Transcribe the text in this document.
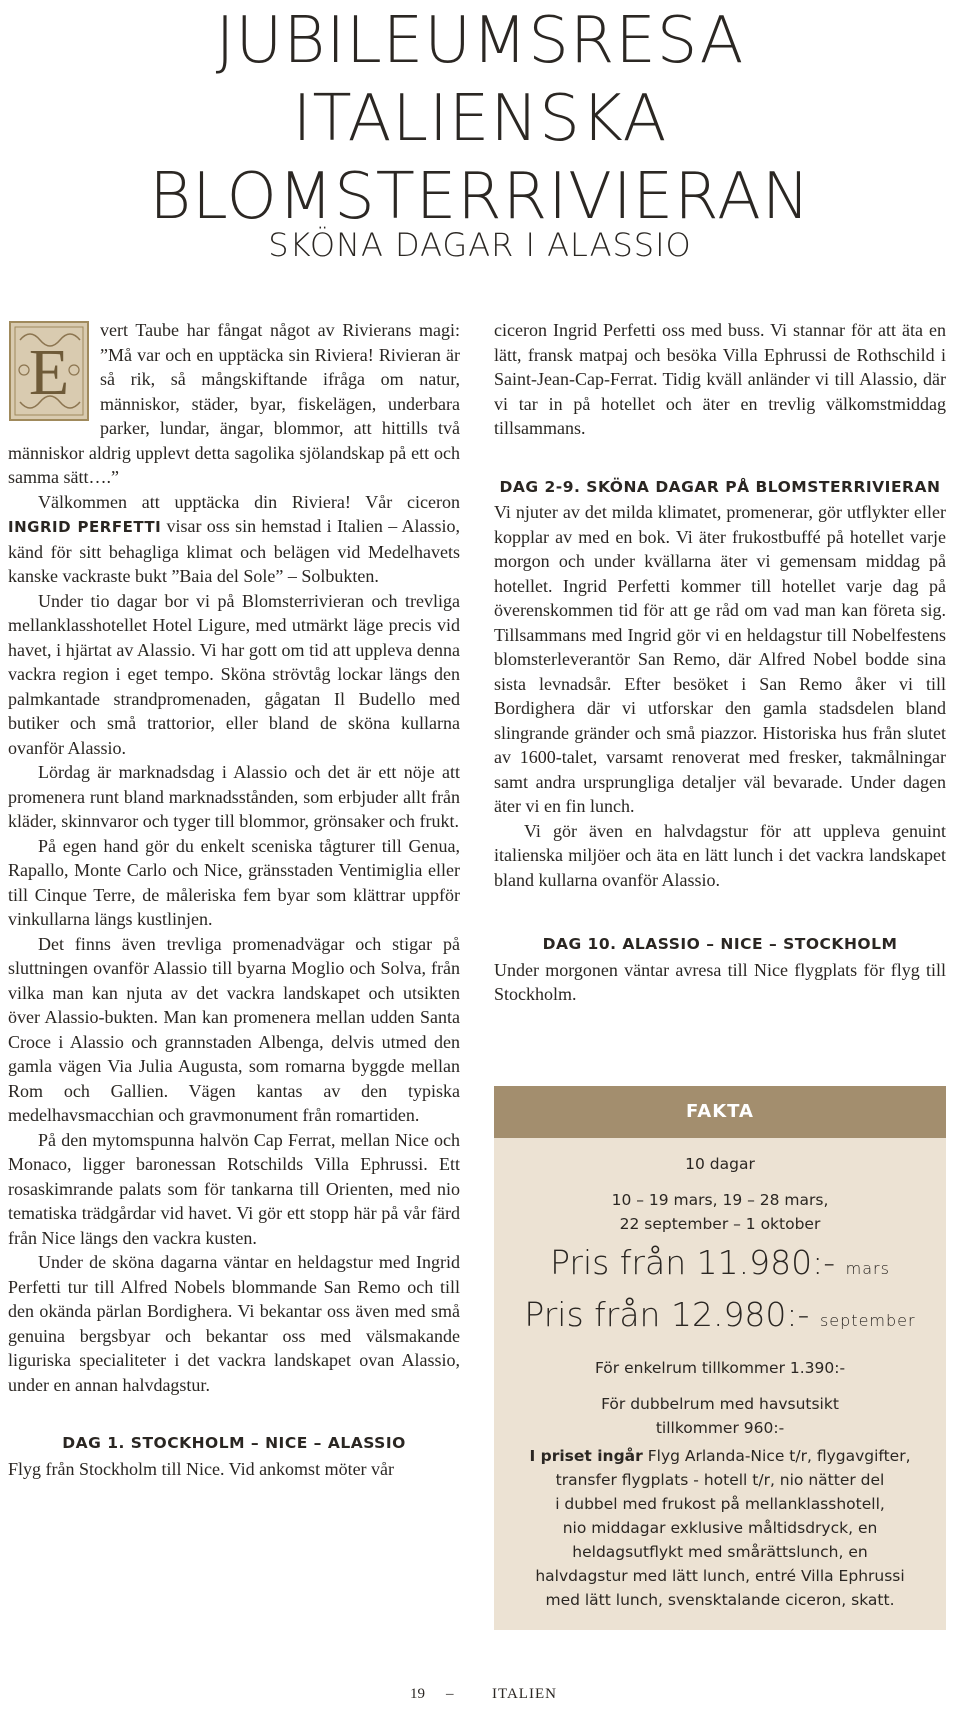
JUBILEUMSRESA
ITALIENSKA
BLOMSTERRIVIERAN
SKÖNA DAGAR I ALASSIO

E
vert Taube har fångat något av Rivierans magi: ”Må var och en upptäcka sin Riviera! Rivieran är så rik, så mångskiftande ifråga om natur, människor, städer, byar, fiskelägen, underbara parker, lundar, ängar, blommor, att hittills två människor aldrig upplevt detta sagolika sjölandskap på ett och samma sätt….”

Välkommen att upptäcka din Riviera! Vår ciceron INGRID PERFETTI visar oss sin hemstad i Italien – Alassio, känd för sitt behagliga klimat och belägen vid Medelhavets kanske vackraste bukt ”Baia del Sole” – Solbukten.

Under tio dagar bor vi på Blomsterrivieran och trevliga mellanklasshotellet Hotel Ligure, med utmärkt läge precis vid havet, i hjärtat av Alassio. Vi har gott om tid att uppleva denna vackra region i eget tempo. Sköna strövtåg lockar längs den palmkantade strandpromenaden, gågatan Il Budello med butiker och små trattorior, eller bland de sköna kullarna ovanför Alassio.

Lördag är marknadsdag i Alassio och det är ett nöje att promenera runt bland marknadsstånden, som erbjuder allt från kläder, skinnvaror och tyger till blommor, grönsaker och frukt.

På egen hand gör du enkelt sceniska tågturer till Genua, Rapallo, Monte Carlo och Nice, gränsstaden Ventimiglia eller till Cinque Terre, de måleriska fem byar som klättrar uppför vinkullarna längs kustlinjen.

Det finns även trevliga promenadvägar och stigar på sluttningen ovanför Alassio till byarna Moglio och Solva, från vilka man kan njuta av det vackra landskapet och utsikten över Alassio-bukten. Man kan promenera mellan udden Santa Croce i Alassio och grannstaden Albenga, delvis utmed den gamla vägen Via Julia Augusta, som romarna byggde mellan Rom och Gallien. Vägen kantas av den typiska medelhavsmacchian och gravmonument från romartiden.

På den mytomspunna halvön Cap Ferrat, mellan Nice och Monaco, ligger baronessan Rotschilds Villa Ephrussi. Ett rosaskimrande palats som för tankarna till Orienten, med nio tematiska trädgårdar vid havet. Vi gör ett stopp här på vår färd från Nice längs den vackra kusten.

Under de sköna dagarna väntar en heldagstur med Ingrid Perfetti tur till Alfred Nobels blommande San Remo och till den okända pärlan Bordighera. Vi bekantar oss även med små genuina bergsbyar och bekantar oss med välsmakande liguriska specialiteter i det vackra landskapet ovan Alassio, under en annan halvdagstur.

DAG 1. STOCKHOLM – NICE – ALASSIO

Flyg från Stockholm till Nice. Vid ankomst möter vår

ciceron Ingrid Perfetti oss med buss. Vi stannar för att äta en lätt, fransk matpaj och besöka Villa Ephrussi de Rothschild i Saint-Jean-Cap-Ferrat. Tidig kväll anländer vi till Alassio, där vi tar in på hotellet och äter en trevlig välkomstmiddag tillsammans.

DAG 2-9. SKÖNA DAGAR PÅ BLOMSTERRIVIERAN

Vi njuter av det milda klimatet, promenerar, gör utflykter eller kopplar av med en bok. Vi äter frukostbuffé på hotellet varje morgon och under kvällarna äter vi gemensam middag på hotellet. Ingrid Perfetti kommer till hotellet varje dag på överenskommen tid för att ge råd om vad man kan företa sig. Tillsammans med Ingrid gör vi en heldagstur till Nobelfestens blomsterleverantör San Remo, där Alfred Nobel bodde sina sista levnadsår. Efter besöket i San Remo åker vi till Bordighera där vi utforskar den gamla stadsdelen bland slingrande gränder och små piazzor. Historiska hus från slutet av 1600-talet, varsamt renoverat med fresker, takmålningar samt andra ursprungliga detaljer väl bevarade. Under dagen äter vi en fin lunch.

Vi gör även en halvdagstur för att uppleva genuint italienska miljöer och äta en lätt lunch i det vackra landskapet bland kullarna ovanför Alassio.

DAG 10. ALASSIO – NICE – STOCKHOLM

Under morgonen väntar avresa till Nice flygplats för flyg till Stockholm.

FAKTA
10 dagar
10 – 19 mars, 19 – 28 mars,
22 september – 1 oktober
Pris från 11.980:- mars
Pris från 12.980:- september
För enkelrum tillkommer 1.390:-
För dubbelrum med havsutsikt
tillkommer 960:-
I priset ingår Flyg Arlanda-Nice t/r, flygavgifter,
transfer flygplats - hotell t/r, nio nätter del
i dubbel med frukost på mellanklasshotell,
nio middagar exklusive måltidsdryck, en
heldagsutflykt med smårättslunch, en
halvdagstur med lätt lunch, entré Villa Ephrussi
med lätt lunch, svensktalande ciceron, skatt.
19 –	ITALIEN
